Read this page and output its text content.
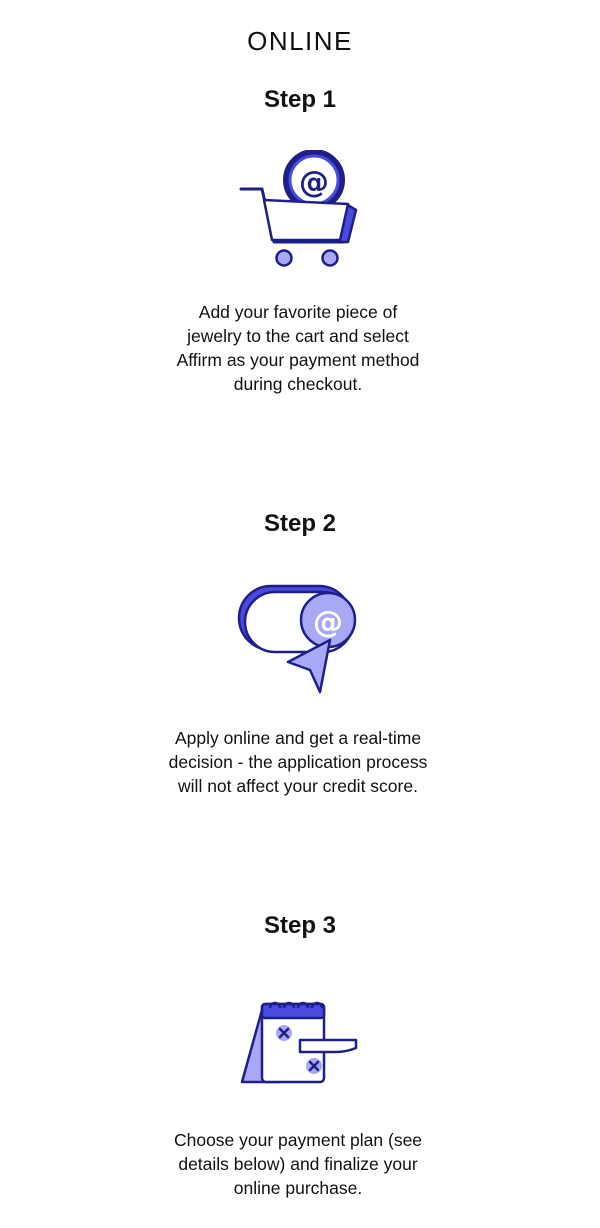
ONLINE
Step 1
@
Add your favorite piece of jewelry to the cart and select Affirm as your payment method during checkout.
Step 2
@
Apply online and get a real-time decision - the application process will not affect your credit score.
Step 3
Choose your payment plan (see details below) and finalize your online purchase.
